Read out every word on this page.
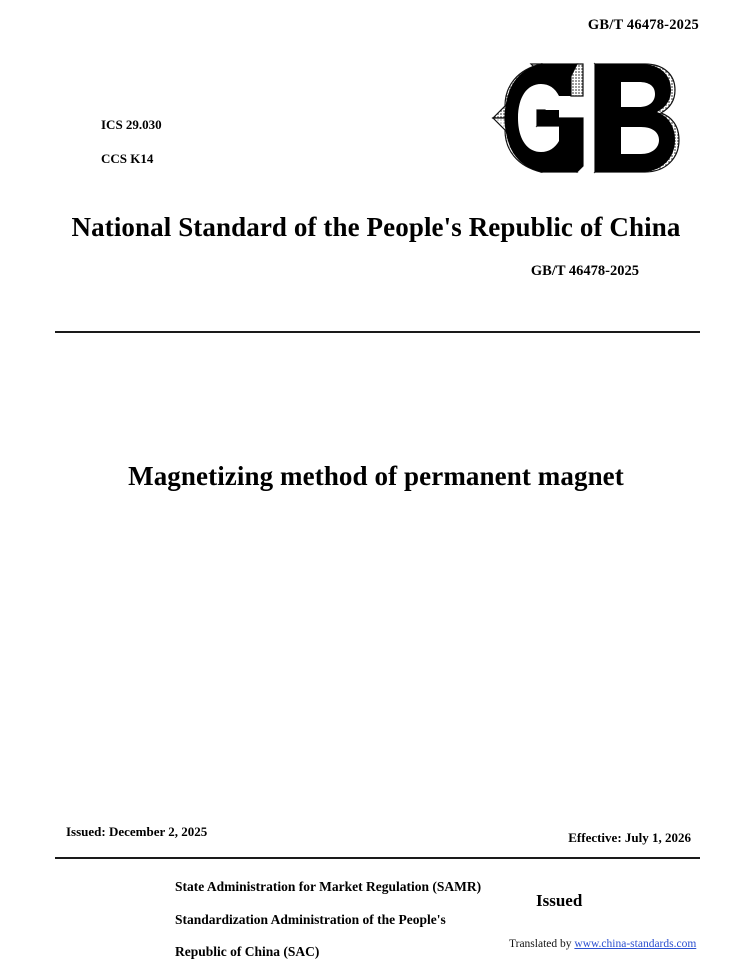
GB/T 46478-2025
ICS 29.030
CCS K14
National Standard of the People's Republic of China
GB/T 46478-2025
Magnetizing method of permanent magnet
Issued: December 2, 2025	Effective: July 1, 2026
State Administration for Market Regulation (SAMR)
Standardization Administration of the People's
Republic of China (SAC)
Issued
Translated by www.china-standards.com
